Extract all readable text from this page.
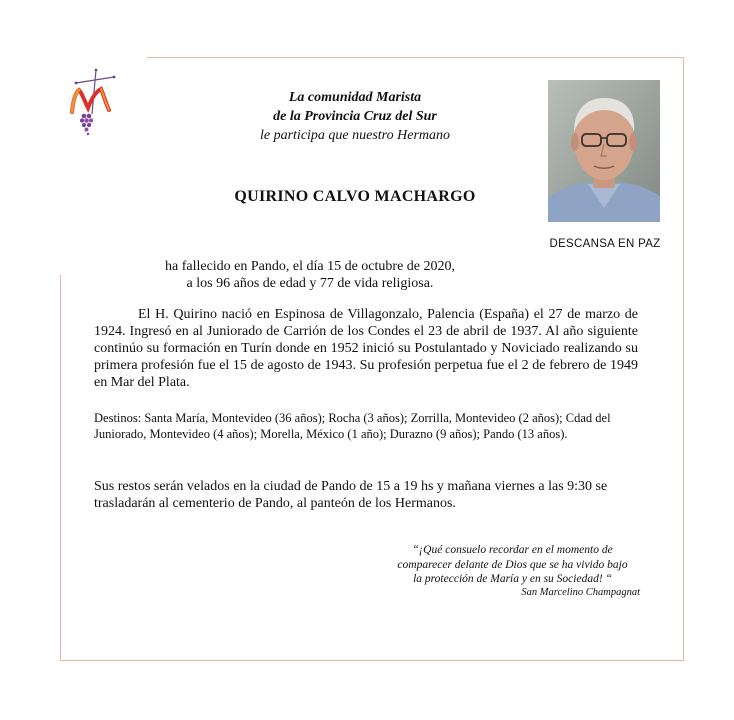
La comunidad Marista
de la Provincia Cruz del Sur
le participa que nuestro Hermano
QUIRINO CALVO MACHARGO
DESCANSA EN PAZ
ha fallecido en Pando, el día 15 de octubre de 2020,
a los 96 años de edad y 77 de vida religiosa.

El H. Quirino nació en Espinosa de Villagonzalo, Palencia (España) el 27 de marzo de 1924. Ingresó en al Juniorado de Carrión de los Condes el 23 de abril de 1937. Al año siguiente continúo su formación en Turín donde en 1952 inició su Postulantado y Noviciado realizando su primera profesión fue el 15 de agosto de 1943. Su profesión perpetua fue el 2 de febrero de 1949 en Mar del Plata.

Destinos: Santa María, Montevideo (36 años); Rocha (3 años); Zorrilla, Montevideo (2 años); Cdad del Juniorado, Montevideo (4 años); Morella, México (1 año); Durazno (9 años); Pando (13 años).
Sus restos serán velados en la ciudad de Pando de 15 a 19 hs y mañana viernes a las 9:30 se trasladarán al cementerio de Pando, al panteón de los Hermanos.
“¡Qué consuelo recordar en el momento de
comparecer delante de Dios que se ha vivido bajo
la protección de María y en su Sociedad! “
San Marcelino Champagnat
